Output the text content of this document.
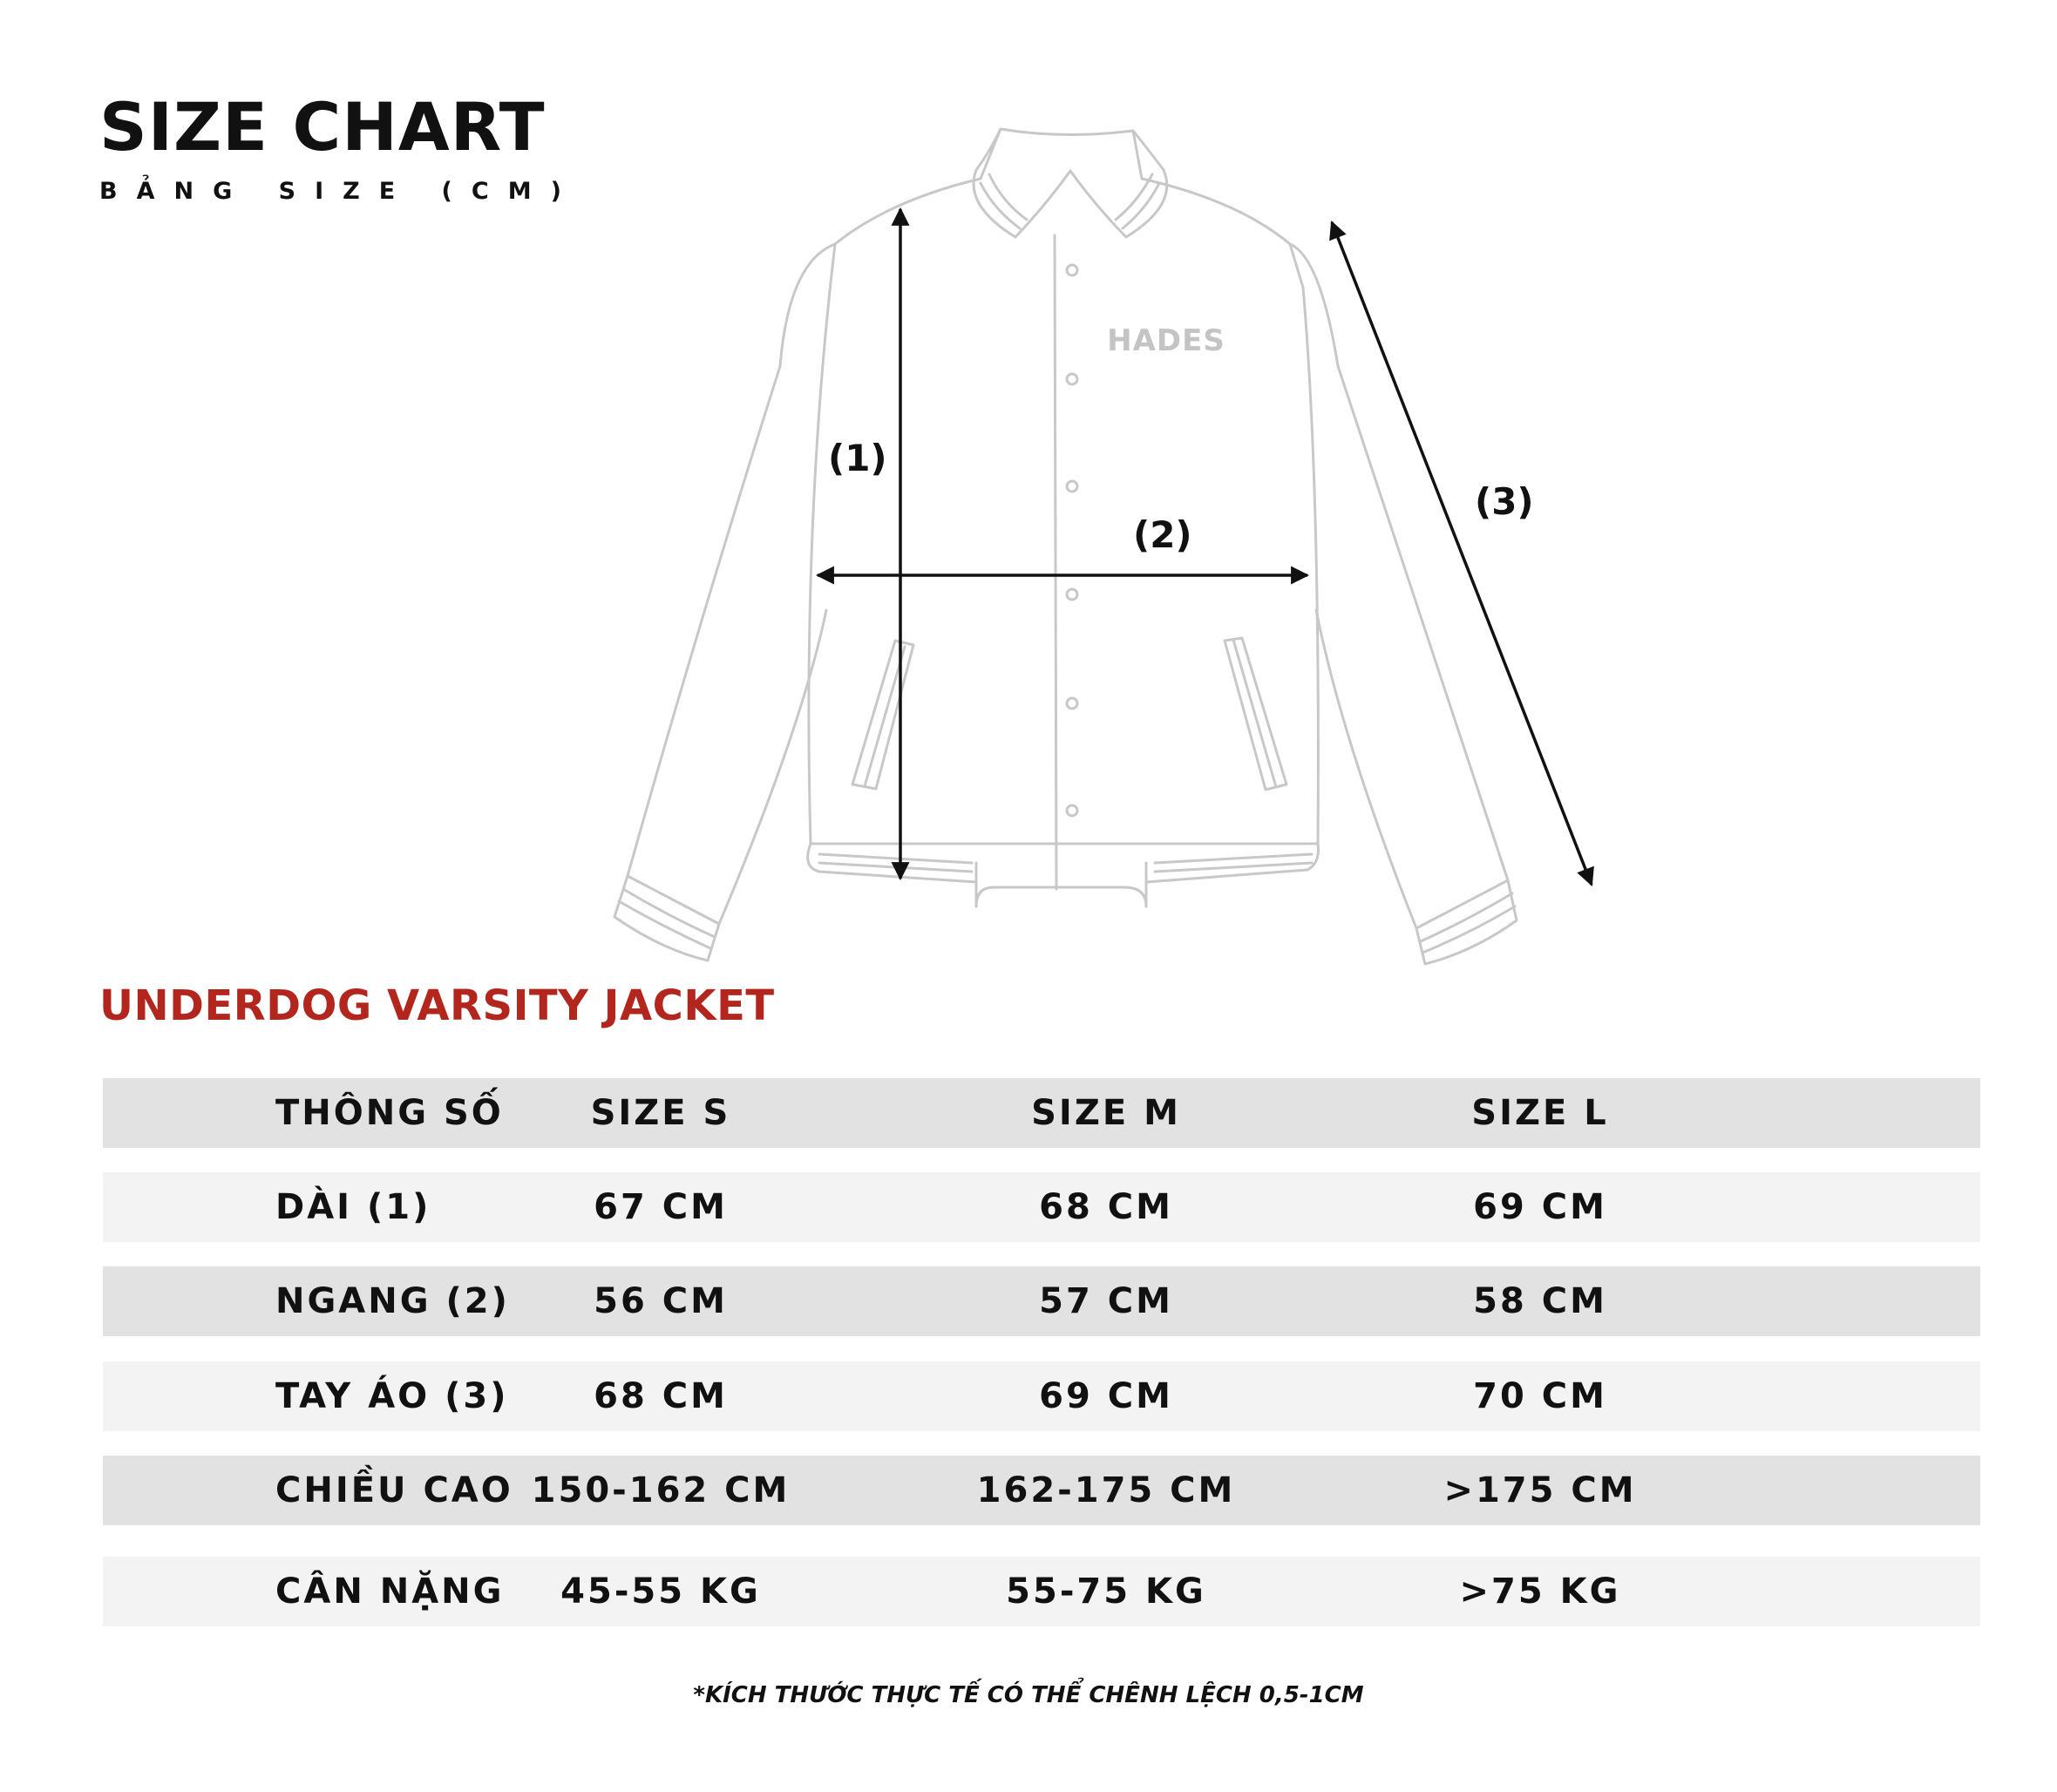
SIZE CHART
BẢNG SIZE (CM)
HADES
(1)
(2)
(3)
UNDERDOG VARSITY JACKET
THÔNG SỐ	SIZE S	SIZE M	SIZE L
DÀI (1)	67 CM	68 CM	69 CM
NGANG (2)	56 CM	57 CM	58 CM
TAY ÁO (3)	68 CM	69 CM	70 CM
CHIỀU CAO 150-162 CM	162-175 CM	>175 CM
CÂN NẶNG	45-55 KG	55-75 KG	>75 KG
*KÍCH THƯỚC THỰC TẾ CÓ THỂ CHÊNH LỆCH 0,5-1CM
